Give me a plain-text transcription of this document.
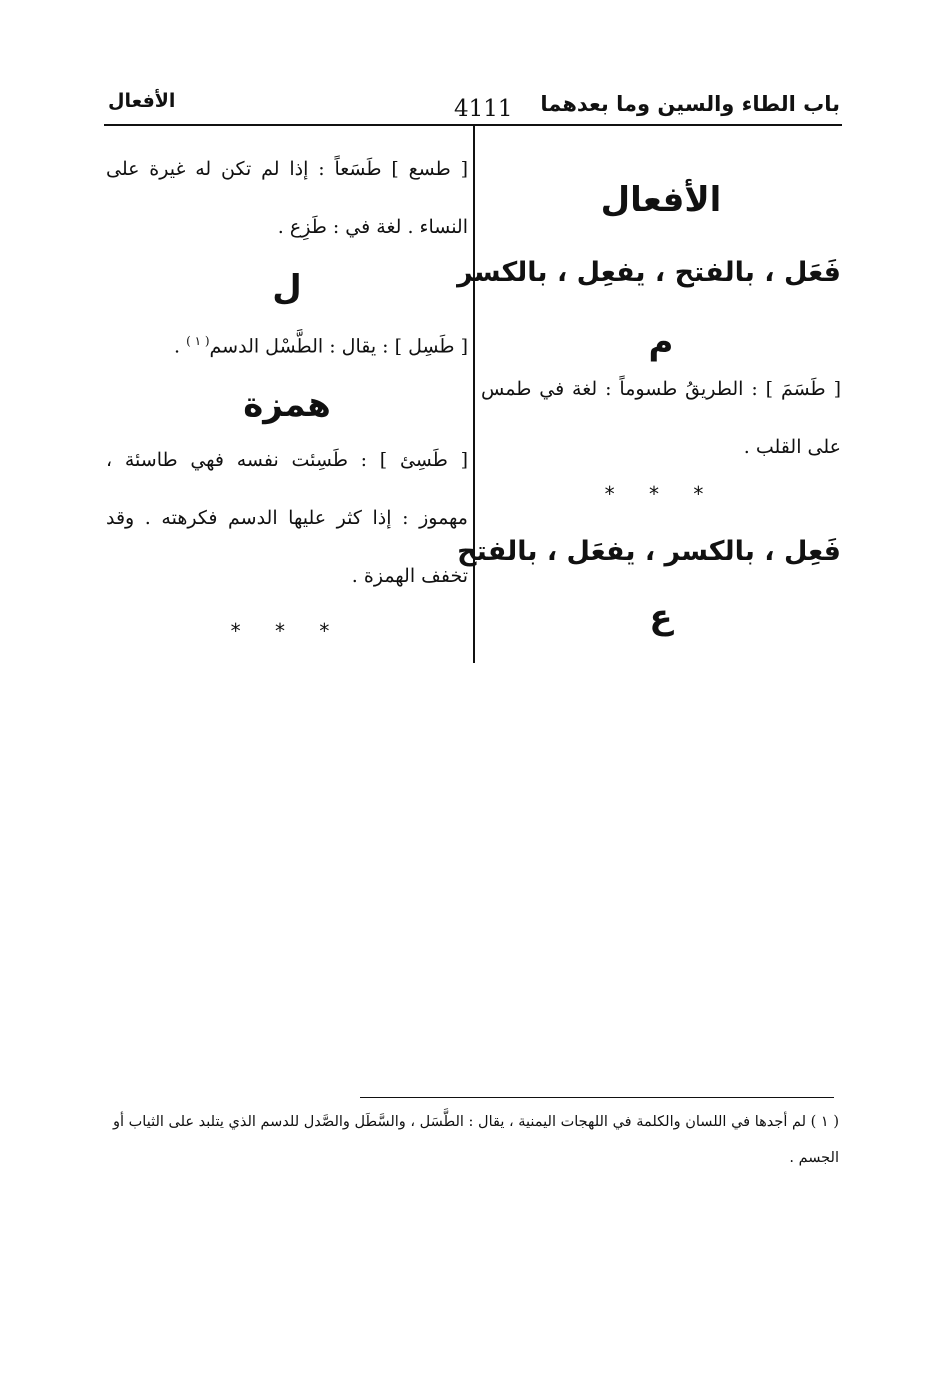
باب الطاء والسين وما بعدهما
4111
الأفعال

الأفعال

فَعَل ، بالفتح ، يفعِل ، بالكسر

م

[ طَسَمَ ] : الطريقُ طسوماً : لغة في طمس على القلب .

* * *

فَعِل ، بالكسر ، يفعَل ، بالفتح

ع

[ طسع ] طَسَعاً : إذا لم تكن له غيرة على النساء . لغة في : طَزِع .

ل

[ طَسِل ] : يقال : الطَّسْل الدسم$^{( ١ )}$ .

همزة

[ طَسِئ ] : طَسِئت نفسه فهي طاسئة ، مهموز : إذا كثر عليها الدسم فكرهته . وقد تخفف الهمزة .

* * *

( ١ ) لم أجدها في اللسان والكلمة في اللهجات اليمنية ، يقال : الطَّسَل ، والسَّطَل والصَّدل للدسم الذي يتلبد على الثياب أو الجسم .
